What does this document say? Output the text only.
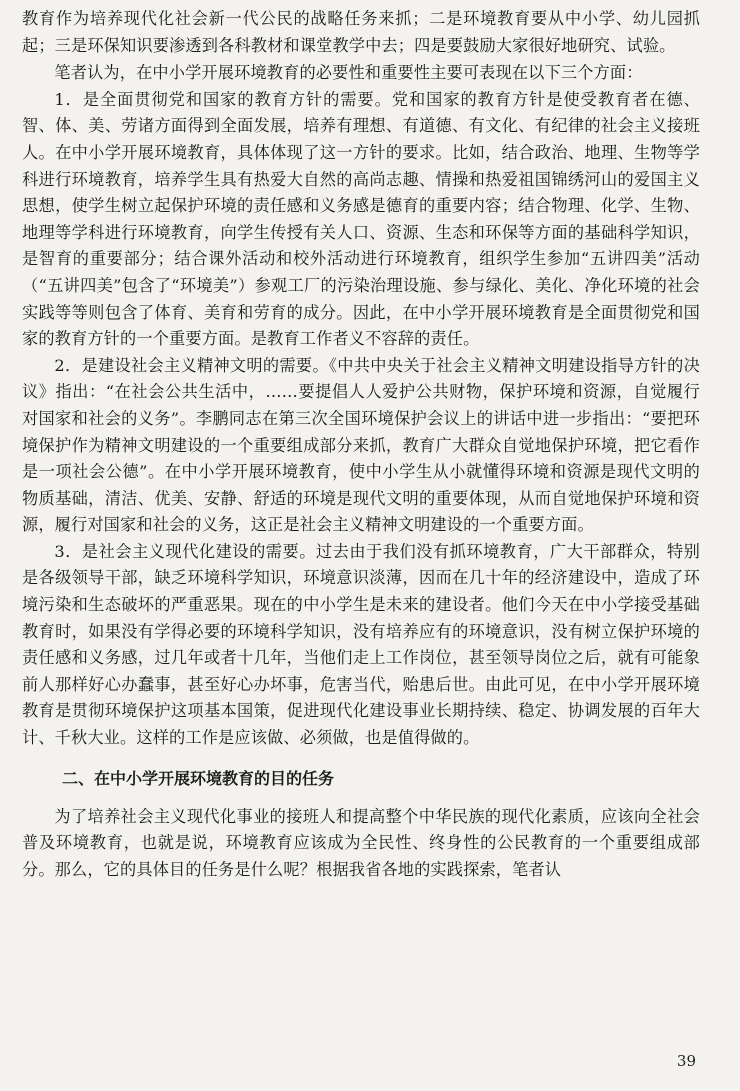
教育作为培养现代化社会新一代公民的战略任务来抓；二是环境教育要从中小学、幼儿园抓起；三是环保知识要渗透到各科教材和课堂教学中去；四是要鼓励大家很好地研究、试验。

笔者认为，在中小学开展环境教育的必要性和重要性主要可表现在以下三个方面：

1．是全面贯彻党和国家的教育方针的需要。党和国家的教育方针是使受教育者在德、智、体、美、劳诸方面得到全面发展，培养有理想、有道德、有文化、有纪律的社会主义接班人。在中小学开展环境教育，具体体现了这一方针的要求。比如，结合政治、地理、生物等学科进行环境教育，培养学生具有热爱大自然的高尚志趣、情操和热爱祖国锦绣河山的爱国主义思想，使学生树立起保护环境的责任感和义务感是德育的重要内容；结合物理、化学、生物、地理等学科进行环境教育，向学生传授有关人口、资源、生态和环保等方面的基础科学知识，是智育的重要部分；结合课外活动和校外活动进行环境教育，组织学生参加“五讲四美”活动（“五讲四美”包含了“环境美”）参观工厂的污染治理设施、参与绿化、美化、净化环境的社会实践等等则包含了体育、美育和劳育的成分。因此，在中小学开展环境教育是全面贯彻党和国家的教育方针的一个重要方面。是教育工作者义不容辞的责任。

2．是建设社会主义精神文明的需要。《中共中央关于社会主义精神文明建设指导方针的决议》指出：“在社会公共生活中，……要提倡人人爱护公共财物，保护环境和资源，自觉履行对国家和社会的义务”。李鹏同志在第三次全国环境保护会议上的讲话中进一步指出：“要把环境保护作为精神文明建设的一个重要组成部分来抓，教育广大群众自觉地保护环境，把它看作是一项社会公德”。在中小学开展环境教育，使中小学生从小就懂得环境和资源是现代文明的物质基础，清洁、优美、安静、舒适的环境是现代文明的重要体现，从而自觉地保护环境和资源，履行对国家和社会的义务，这正是社会主义精神文明建设的一个重要方面。

3．是社会主义现代化建设的需要。过去由于我们没有抓环境教育，广大干部群众，特别是各级领导干部，缺乏环境科学知识，环境意识淡薄，因而在几十年的经济建设中，造成了环境污染和生态破坏的严重恶果。现在的中小学生是未来的建设者。他们今天在中小学接受基础教育时，如果没有学得必要的环境科学知识，没有培养应有的环境意识，没有树立保护环境的责任感和义务感，过几年或者十几年，当他们走上工作岗位，甚至领导岗位之后，就有可能象前人那样好心办蠢事，甚至好心办坏事，危害当代，贻患后世。由此可见，在中小学开展环境教育是贯彻环境保护这项基本国策，促进现代化建设事业长期持续、稳定、协调发展的百年大计、千秋大业。这样的工作是应该做、必须做，也是值得做的。

二、在中小学开展环境教育的目的任务

为了培养社会主义现代化事业的接班人和提高整个中华民族的现代化素质，应该向全社会普及环境教育，也就是说，环境教育应该成为全民性、终身性的公民教育的一个重要组成部分。那么，它的具体目的任务是什么呢？根据我省各地的实践探索，笔者认

39
